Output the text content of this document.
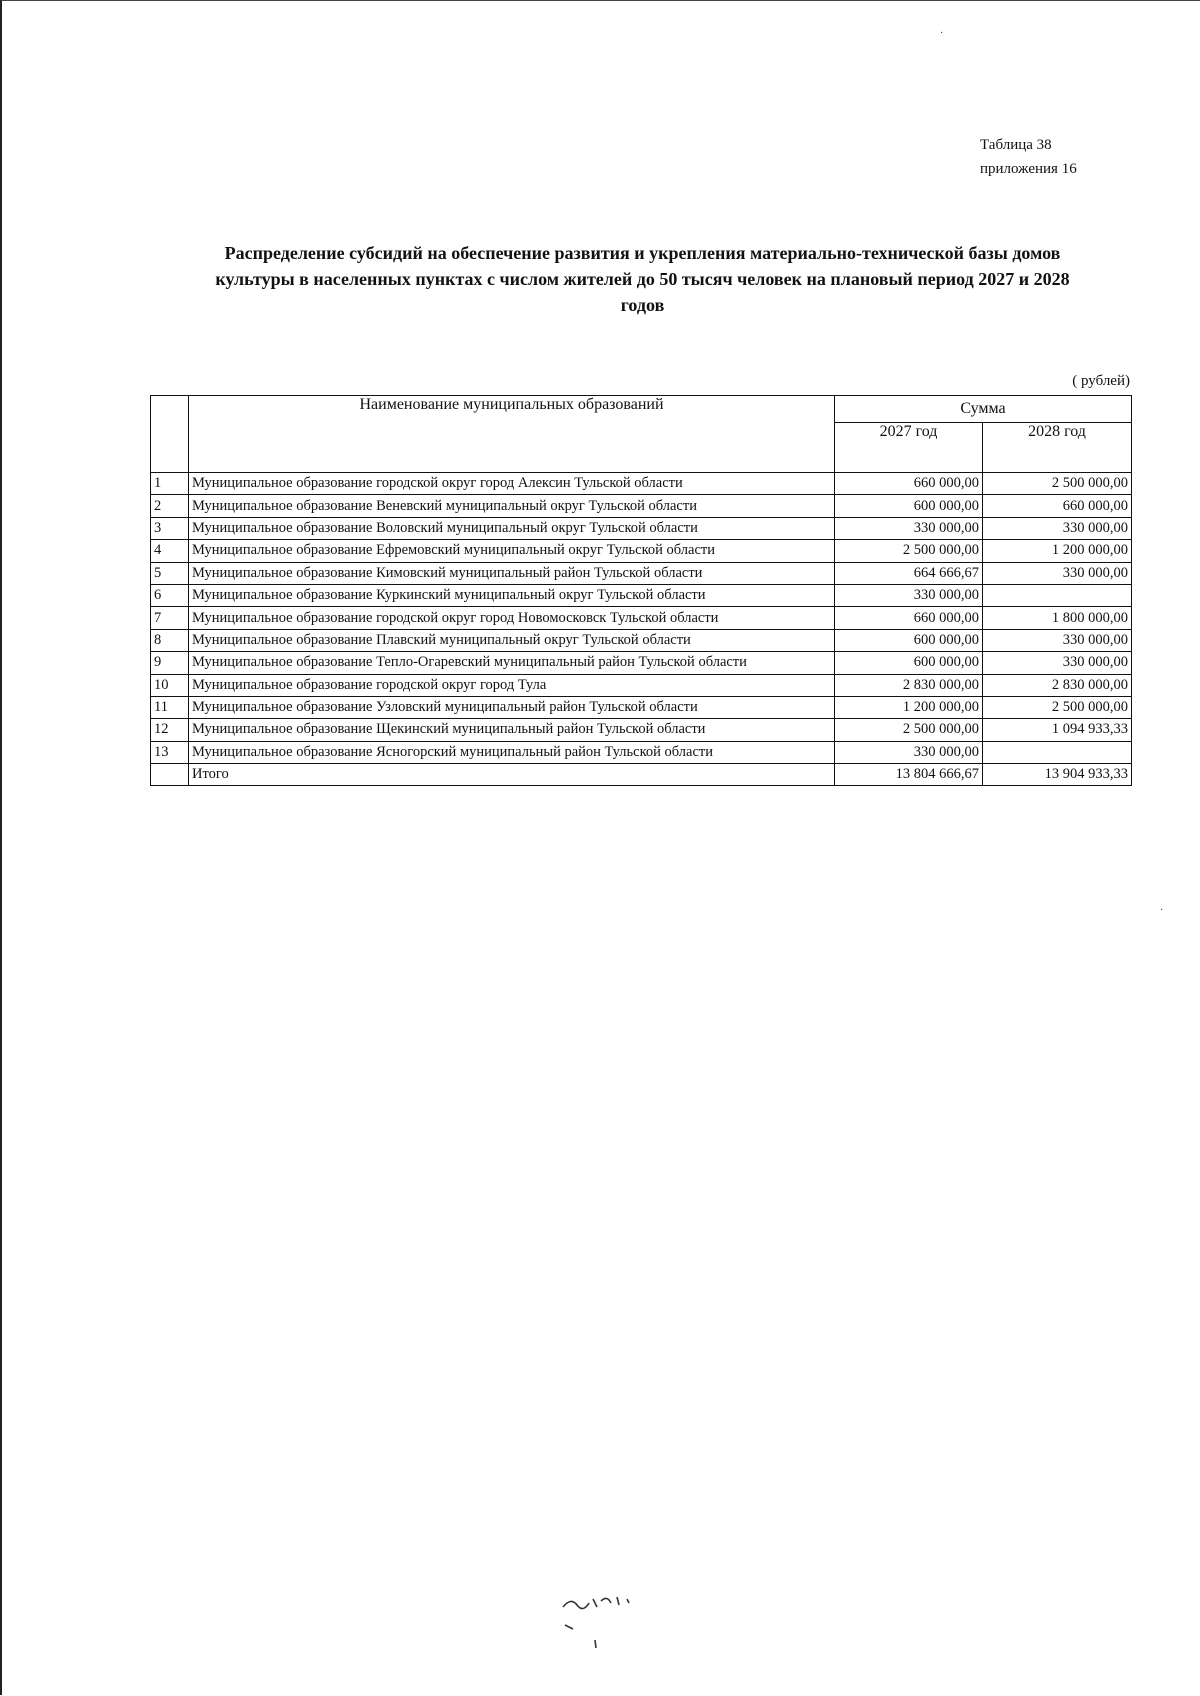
·
·
Таблица 38
приложения 16
Распределение субсидий на обеспечение развития и укрепления материально-технической базы домов
культуры в населенных пунктах с числом жителей до 50 тысяч человек на плановый период 2027 и 2028
годов
( рублей)
	Наименование муниципальных образований	Сумма	
		2027 год	2028 год
1	Муниципальное образование городской округ город Алексин Тульской области	660 000,00	2 500 000,00
2	Муниципальное образование Веневский муниципальный округ Тульской области	600 000,00	660 000,00
3	Муниципальное образование Воловский муниципальный округ Тульской области	330 000,00	330 000,00
4	Муниципальное образование Ефремовский муниципальный округ Тульской области	2 500 000,00	1 200 000,00
5	Муниципальное образование Кимовский муниципальный район Тульской области	664 666,67	330 000,00
6	Муниципальное образование Куркинский муниципальный округ Тульской области	330 000,00	
7	Муниципальное образование городской округ город Новомосковск Тульской области	660 000,00	1 800 000,00
8	Муниципальное образование Плавский муниципальный округ Тульской области	600 000,00	330 000,00
9	Муниципальное образование Тепло-Огаревский муниципальный район Тульской области	600 000,00	330 000,00
10	Муниципальное образование городской округ город Тула	2 830 000,00	2 830 000,00
11	Муниципальное образование Узловский муниципальный район Тульской области	1 200 000,00	2 500 000,00
12	Муниципальное образование Щекинский муниципальный район Тульской области	2 500 000,00	1 094 933,33
13	Муниципальное образование Ясногорский муниципальный район Тульской области	330 000,00	
	Итого	13 804 666,67	13 904 933,33
